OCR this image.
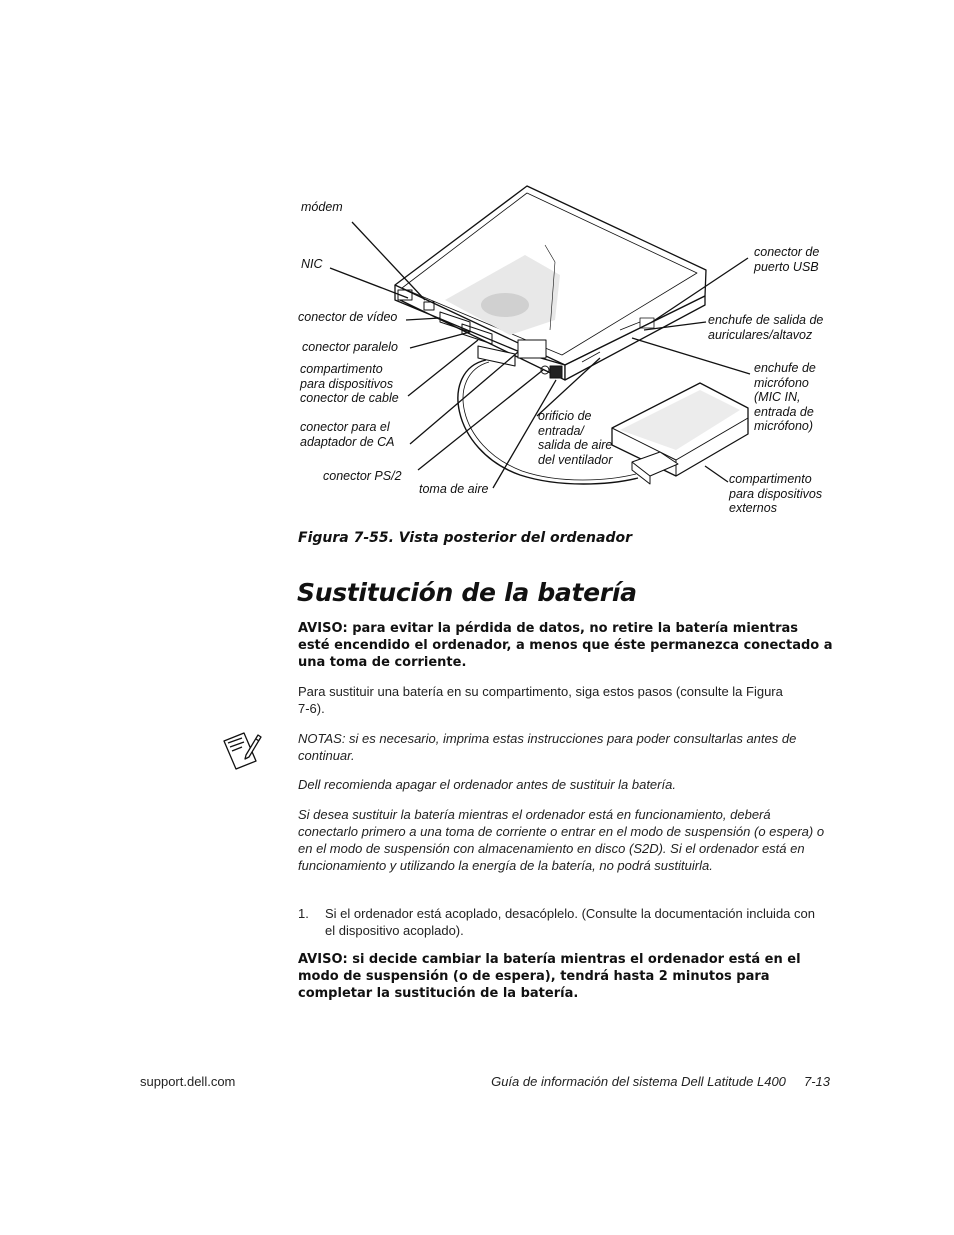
módem
NIC
conector de vídeo
conector paralelo
compartimento
para dispositivos
conector de cable
conector para el
adaptador de CA
conector PS/2
toma de aire
orificio de
entrada/
salida de aire
del ventilador
conector de
puerto USB
enchufe de salida de
auriculares/altavoz
enchufe de
micrófono
(MIC IN,
entrada de
micrófono)
compartimento
para dispositivos
externos
Figura 7-55. Vista posterior del ordenador
Sustitución de la batería
AVISO: para evitar la pérdida de datos, no retire la batería mientras esté encendido el ordenador, a menos que éste permanezca conectado a una toma de corriente.
Para sustituir una batería en su compartimento, siga estos pasos (consulte la Figura 7-6).
NOTAS: si es necesario, imprima estas instrucciones para poder consultarlas antes de continuar.
Dell recomienda apagar el ordenador antes de sustituir la batería.
Si desea sustituir la batería mientras el ordenador está en funcionamiento, deberá conectarlo primero a una toma de corriente o entrar en el modo de suspensión (o espera) o en el modo de suspensión con almacenamiento en disco (S2D). Si el ordenador está en funcionamiento y utilizando la energía de la batería, no podrá sustituirla.
1.	Si el ordenador está acoplado, desacóplelo. (Consulte la documentación incluida con el dispositivo acoplado).
AVISO: si decide cambiar la batería mientras el ordenador está en el modo de suspensión (o de espera), tendrá hasta 2 minutos para completar la sustitución de la batería.
support.dell.com	Guía de información del sistema Dell Latitude L400     7-13
